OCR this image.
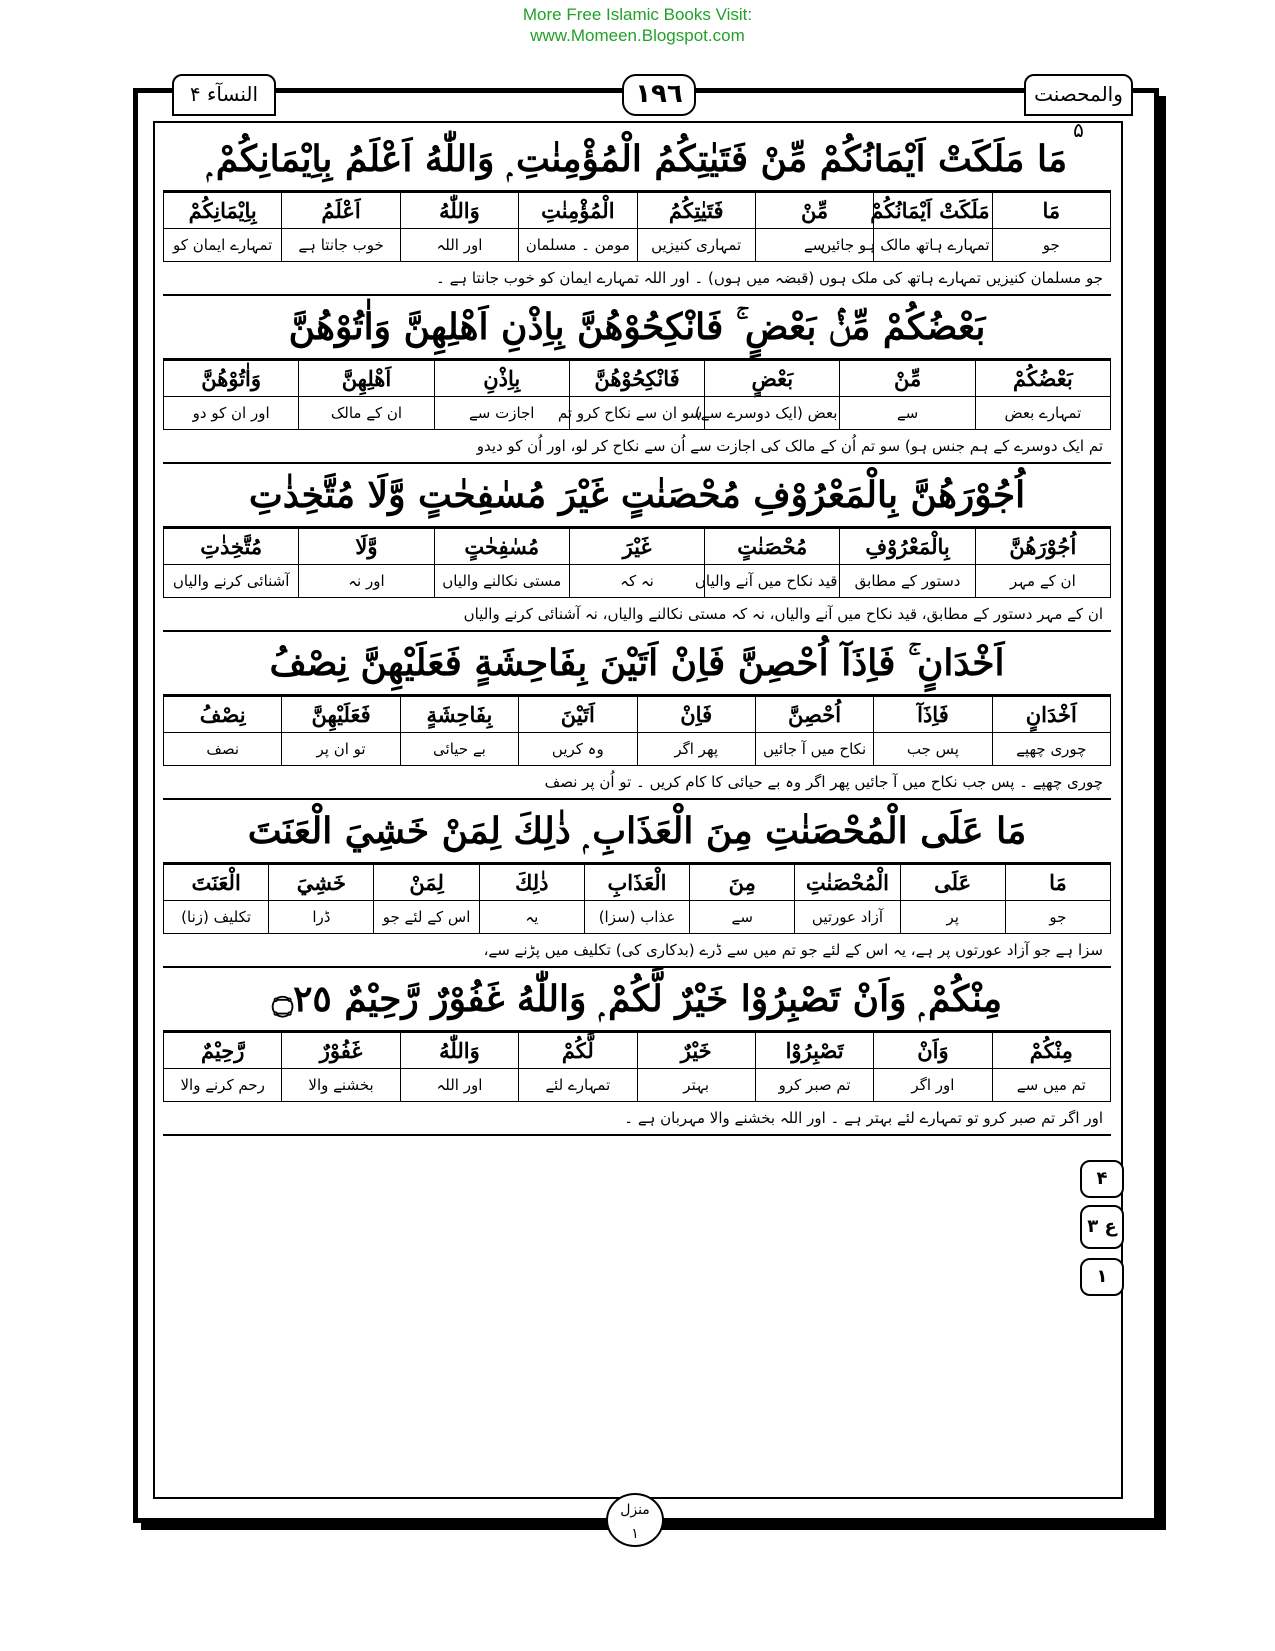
More Free Islamic Books Visit:
www.Momeen.Blogspot.com
النسآء ۴	١٩٦	والمحصنت ۵
مَا مَلَكَتْ اَيْمَانُكُمْ مِّنْ فَتَيٰتِكُمُ الْمُؤْمِنٰتِ ۭ وَاللّٰهُ اَعْلَمُ بِاِيْمَانِكُمْ ۭ
مَا	مَلَكَتْ اَيْمَانُكُمْ	مِّنْ	فَتَيٰتِكُمُ	الْمُؤْمِنٰتِ	وَاللّٰهُ	اَعْلَمُ	بِاِيْمَانِكُمْ
جو	تمہارے ہاتھ مالک ہو جائیں	سے	تمہاری کنیزیں	مومن ۔ مسلمان	اور اللہ	خوب جانتا ہے	تمہارے ایمان کو
جو مسلمان کنیزیں تمہارے ہاتھ کی ملک ہوں (قبضہ میں ہوں) ۔ اور اللہ تمہارے ایمان کو خوب جانتا ہے ۔
بَعْضُكُمْ مِّنْۢ بَعْضٍ ۚ فَانْكِحُوْهُنَّ بِاِذْنِ اَهْلِهِنَّ وَاٰتُوْهُنَّ
بَعْضُكُمْ	مِّنْ	بَعْضٍ	فَانْكِحُوْهُنَّ	بِاِذْنِ	اَهْلِهِنَّ	وَاٰتُوْهُنَّ
تمہارے بعض	سے	بعض (ایک دوسرے سے)	سو ان سے نکاح کرو تم	اجازت سے	ان کے مالک	اور ان کو دو
تم ایک دوسرے کے ہم جنس ہو) سو تم اُن کے مالک کی اجازت سے اُن سے نکاح کر لو، اور اُن کو دیدو
اُجُوْرَهُنَّ بِالْمَعْرُوْفِ مُحْصَنٰتٍ غَيْرَ مُسٰفِحٰتٍ وَّلَا مُتَّخِذٰتِ
اُجُوْرَهُنَّ	بِالْمَعْرُوْفِ	مُحْصَنٰتٍ	غَيْرَ	مُسٰفِحٰتٍ	وَّلَا	مُتَّخِذٰتِ
ان کے مہر	دستور کے مطابق	قید نکاح میں آنے والیاں	نہ کہ	مستی نکالنے والیاں	اور نہ	آشنائی کرنے والیاں
ان کے مہر دستور کے مطابق، قید نکاح میں آنے والیاں، نہ کہ مستی نکالنے والیاں، نہ آشنائی کرنے والیاں
اَخْدَانٍ ۚ فَاِذَآ اُحْصِنَّ فَاِنْ اَتَيْنَ بِفَاحِشَةٍ فَعَلَيْهِنَّ نِصْفُ
اَخْدَانٍ	فَاِذَآ	اُحْصِنَّ	فَاِنْ	اَتَيْنَ	بِفَاحِشَةٍ	فَعَلَيْهِنَّ	نِصْفُ
چوری چھپے	پس جب	نکاح میں آ جائیں	پھر اگر	وہ کریں	بے حیائی	تو ان پر	نصف
چوری چھپے ۔ پس جب نکاح میں آ جائیں پھر اگر وہ بے حیائی کا کام کریں ۔ تو اُن پر نصف
مَا عَلَى الْمُحْصَنٰتِ مِنَ الْعَذَابِ ۭ ذٰلِكَ لِمَنْ خَشِيَ الْعَنَتَ
مَا	عَلَى	الْمُحْصَنٰتِ	مِنَ	الْعَذَابِ	ذٰلِكَ	لِمَنْ	خَشِيَ	الْعَنَتَ
جو	پر	آزاد عورتیں	سے	عذاب (سزا)	یہ	اس کے لئے جو	ڈرا	تکلیف (زنا)
سزا ہے جو آزاد عورتوں پر ہے، یہ اس کے لئے جو تم میں سے ڈرے (بدکاری کی) تکلیف میں پڑنے سے،
مِنْكُمْ ۭ وَاَنْ تَصْبِرُوْا خَيْرٌ لَّكُمْ ۭ وَاللّٰهُ غَفُوْرٌ رَّحِيْمٌ ۝٢٥
مِنْكُمْ	وَاَنْ	تَصْبِرُوْا	خَيْرٌ	لَّكُمْ	وَاللّٰهُ	غَفُوْرٌ	رَّحِيْمٌ
تم میں سے	اور اگر	تم صبر کرو	بہتر	تمہارے لئے	اور اللہ	بخشنے والا	رحم کرنے والا
اور اگر تم صبر کرو تو تمہارے لئے بہتر ہے ۔ اور اللہ بخشنے والا مہربان ہے ۔
۴
ع ۳
۱
منزل
۱
